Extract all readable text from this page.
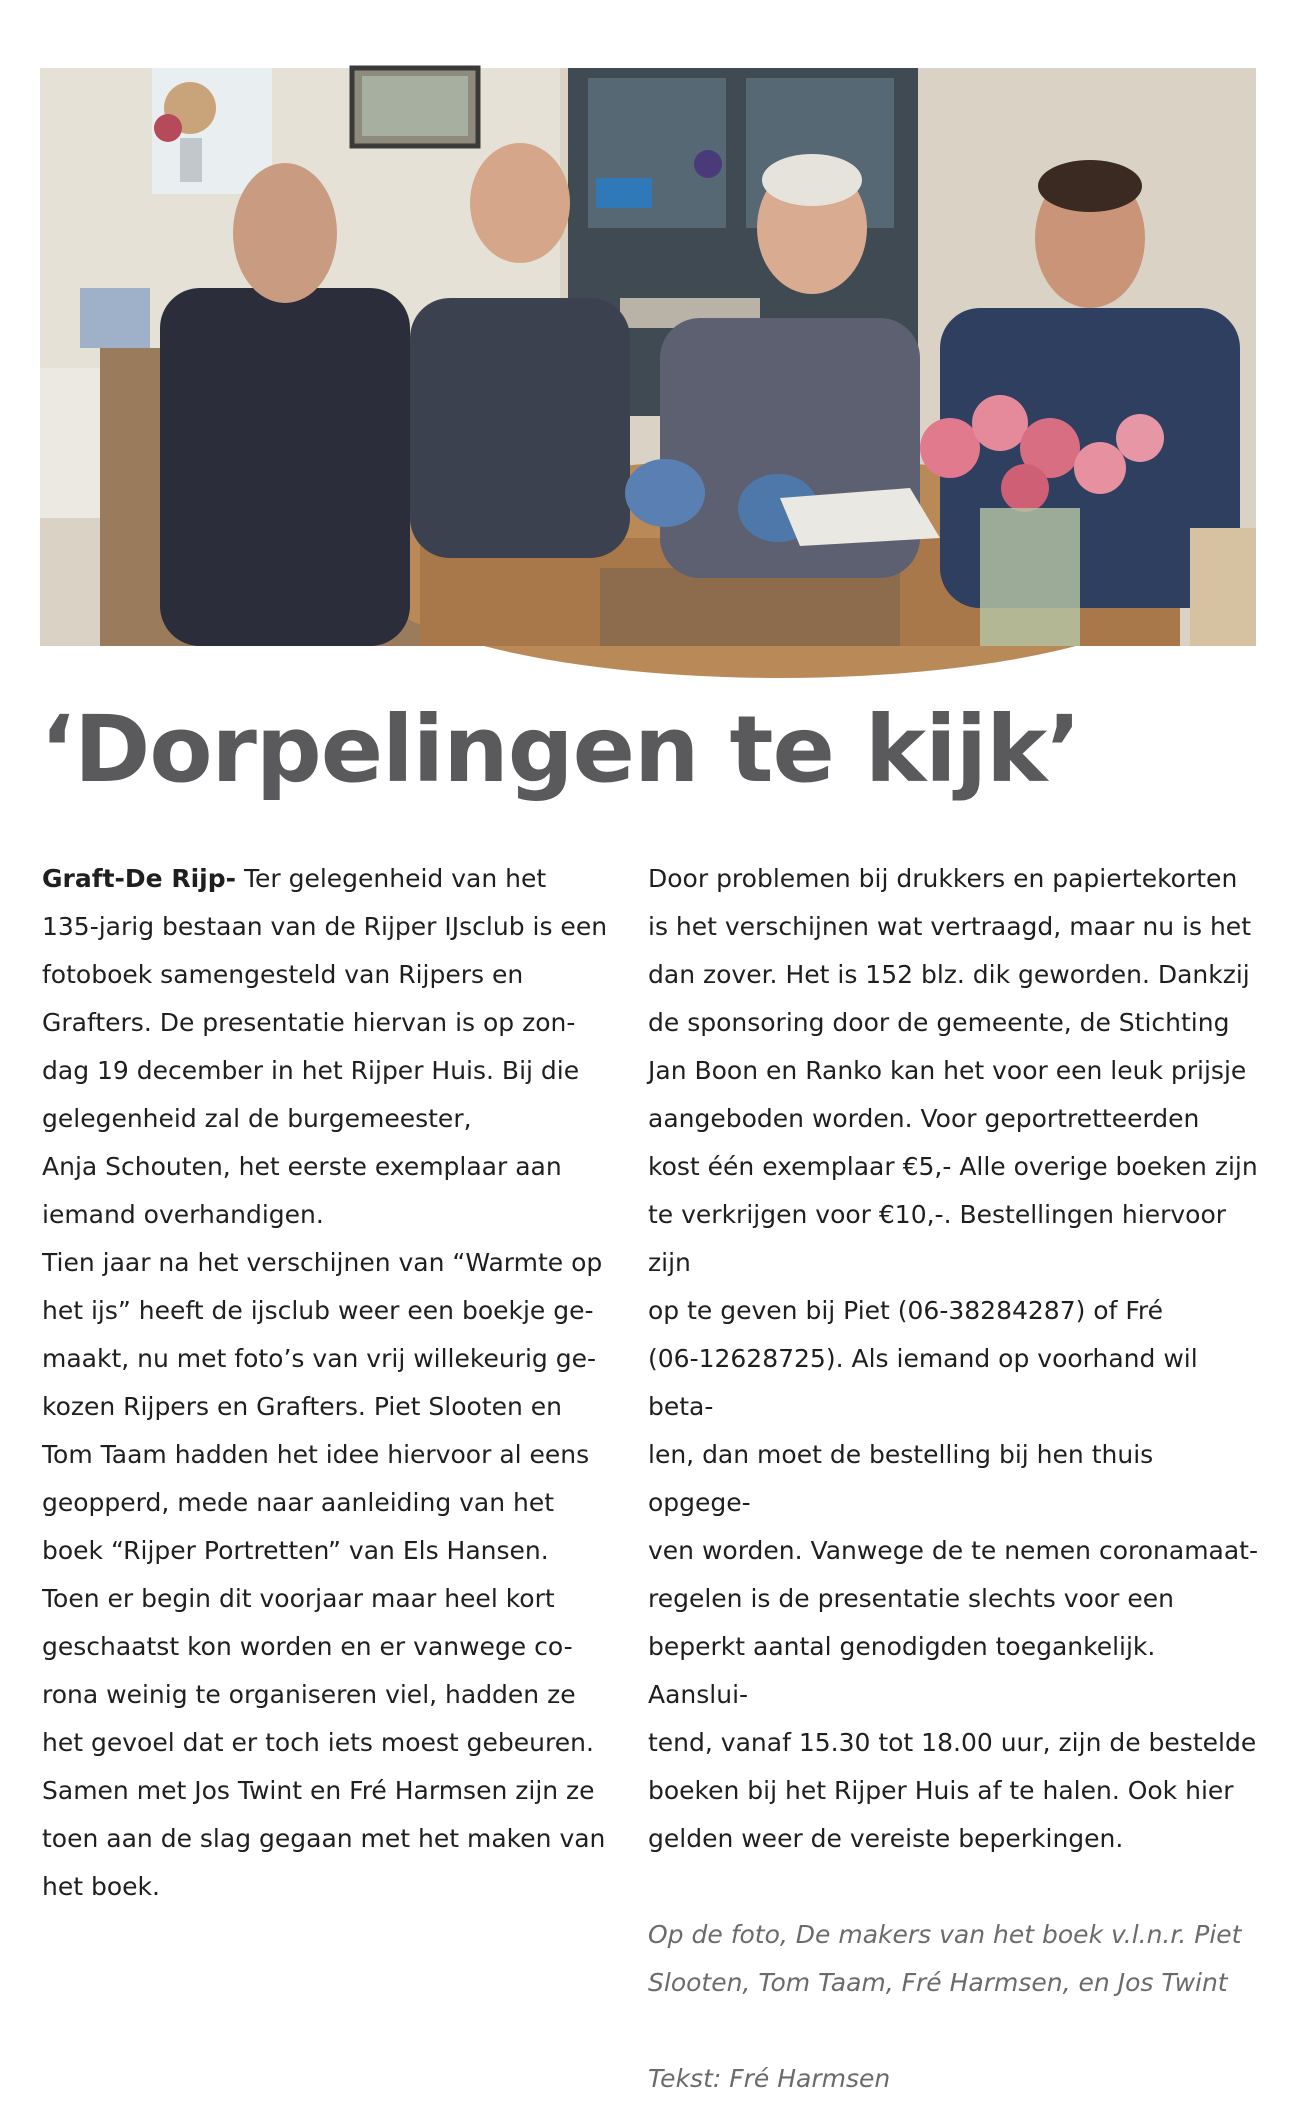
‘Dorpelingen te kijk’

Graft-De Rijp- Ter gelegenheid van het
135-jarig bestaan van de Rijper IJsclub is een
fotoboek samengesteld van Rijpers en
Grafters. De presentatie hiervan is op zon-
dag 19 december in het Rijper Huis. Bij die
gelegenheid zal de burgemeester,
Anja Schouten, het eerste exemplaar aan
iemand overhandigen.

Tien jaar na het verschijnen van “Warmte op
het ijs” heeft de ijsclub weer een boekje ge-
maakt, nu met foto’s van vrij willekeurig ge-
kozen Rijpers en Grafters. Piet Slooten en
Tom Taam hadden het idee hiervoor al eens
geopperd, mede naar aanleiding van het
boek “Rijper Portretten” van Els Hansen.
Toen er begin dit voorjaar maar heel kort
geschaatst kon worden en er vanwege co-
rona weinig te organiseren viel, hadden ze
het gevoel dat er toch iets moest gebeuren.
Samen met Jos Twint en Fré Harmsen zijn ze
toen aan de slag gegaan met het maken van
het boek.

Door problemen bij drukkers en papiertekorten
is het verschijnen wat vertraagd, maar nu is het
dan zover. Het is 152 blz. dik geworden. Dankzij
de sponsoring door de gemeente, de Stichting
Jan Boon en Ranko kan het voor een leuk prijsje
aangeboden worden. Voor geportretteerden
kost één exemplaar €5,- Alle overige boeken zijn
te verkrijgen voor €10,-. Bestellingen hiervoor zijn
op te geven bij Piet (06-38284287) of Fré
(06-12628725). Als iemand op voorhand wil beta-
len, dan moet de bestelling bij hen thuis opgege-
ven worden. Vanwege de te nemen coronamaat-
regelen is de presentatie slechts voor een
beperkt aantal genodigden toegankelijk. Aanslui-
tend, vanaf 15.30 tot 18.00 uur, zijn de bestelde
boeken bij het Rijper Huis af te halen. Ook hier
gelden weer de vereiste beperkingen.

Op de foto, De makers van het boek v.l.n.r. Piet
Slooten, Tom Taam, Fré Harmsen, en Jos Twint

Tekst: Fré Harmsen
